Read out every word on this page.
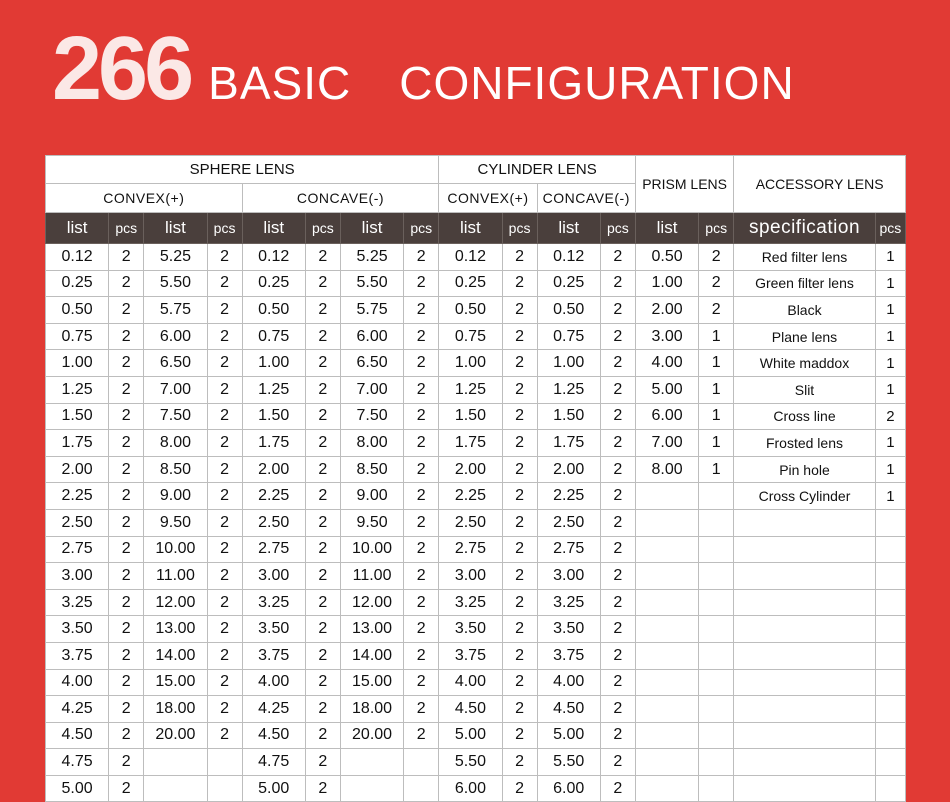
266 BASIC CONFIGURATION
SPHERE LENS								CYLINDER LENS				PRISM LENS		ACCESSORY LENS	
CONVEX(+)				CONCAVE(-)				CONVEX(+)		CONCAVE(-)					
list	pcs	list	pcs	list	pcs	list	pcs	list	pcs	list	pcs	list	pcs	specification	pcs
0.12	2	5.25	2	0.12	2	5.25	2	0.12	2	0.12	2	0.50	2	Red filter lens	1
0.25	2	5.50	2	0.25	2	5.50	2	0.25	2	0.25	2	1.00	2	Green filter lens	1
0.50	2	5.75	2	0.50	2	5.75	2	0.50	2	0.50	2	2.00	2	Black	1
0.75	2	6.00	2	0.75	2	6.00	2	0.75	2	0.75	2	3.00	1	Plane lens	1
1.00	2	6.50	2	1.00	2	6.50	2	1.00	2	1.00	2	4.00	1	White maddox	1
1.25	2	7.00	2	1.25	2	7.00	2	1.25	2	1.25	2	5.00	1	Slit	1
1.50	2	7.50	2	1.50	2	7.50	2	1.50	2	1.50	2	6.00	1	Cross line	2
1.75	2	8.00	2	1.75	2	8.00	2	1.75	2	1.75	2	7.00	1	Frosted lens	1
2.00	2	8.50	2	2.00	2	8.50	2	2.00	2	2.00	2	8.00	1	Pin hole	1
2.25	2	9.00	2	2.25	2	9.00	2	2.25	2	2.25	2			Cross Cylinder	1
2.50	2	9.50	2	2.50	2	9.50	2	2.50	2	2.50	2				
2.75	2	10.00	2	2.75	2	10.00	2	2.75	2	2.75	2				
3.00	2	11.00	2	3.00	2	11.00	2	3.00	2	3.00	2				
3.25	2	12.00	2	3.25	2	12.00	2	3.25	2	3.25	2				
3.50	2	13.00	2	3.50	2	13.00	2	3.50	2	3.50	2				
3.75	2	14.00	2	3.75	2	14.00	2	3.75	2	3.75	2				
4.00	2	15.00	2	4.00	2	15.00	2	4.00	2	4.00	2				
4.25	2	18.00	2	4.25	2	18.00	2	4.50	2	4.50	2				
4.50	2	20.00	2	4.50	2	20.00	2	5.00	2	5.00	2				
4.75	2			4.75	2			5.50	2	5.50	2				
5.00	2			5.00	2			6.00	2	6.00	2				
